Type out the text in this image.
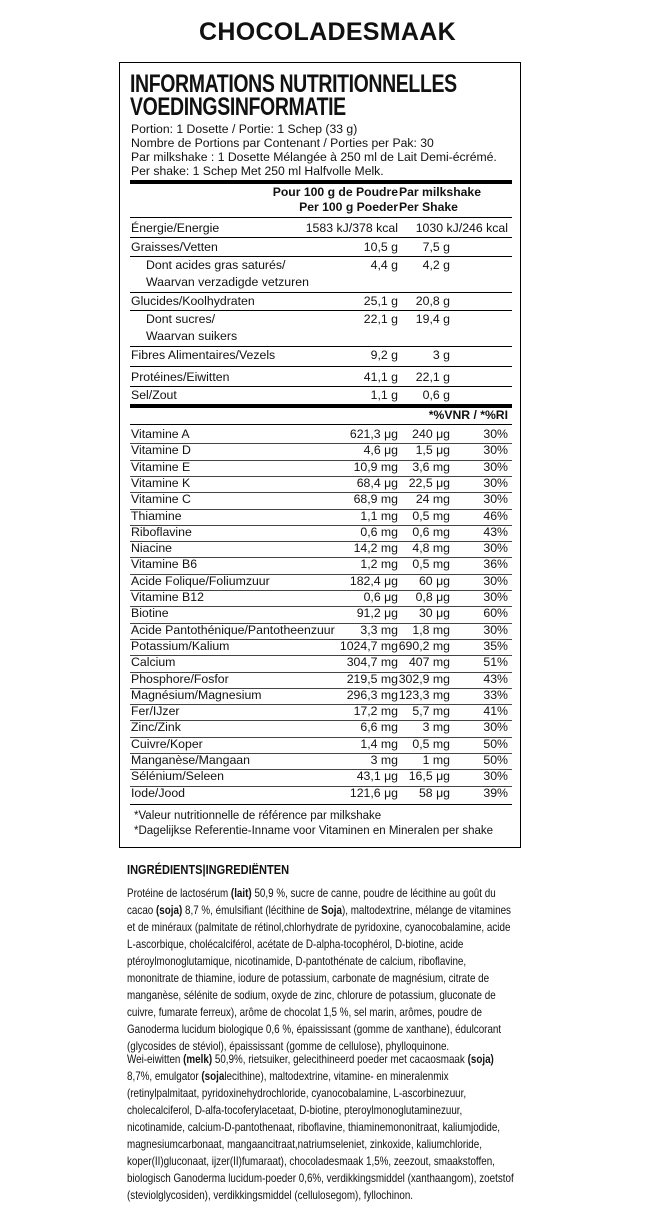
CHOCOLADESMAAK
INFORMATIONS NUTRITIONNELLES
VOEDINGSINFORMATIE
Portion: 1 Dosette / Portie: 1 Schep (33 g)
Nombre de Portions par Contenant / Porties per Pak: 30
Par milkshake : 1 Dosette Mélangée à 250 ml de Lait Demi-écrémé.
Per shake: 1 Schep Met 250 ml Halfvolle Melk.
Pour 100 g de Poudre
Per 100 g Poeder
Par milkshake
Per Shake
*%VNR / *%RI
*Valeur nutritionnelle de référence par milkshake
*Dagelijkse Referentie-Inname voor Vitaminen en Mineralen per shake
Énergie/Energie	1583 kJ/378 kcal 1030 kJ/246 kcal
Graisses/Vetten	10,5 g 7,5 g
Dont acides gras saturés/
Waarvan verzadigde vetzuren
4,4 g 4,2 g
Glucides/Koolhydraten	25,1 g 20,8 g
Dont sucres/
Waarvan suikers
22,1 g 19,4 g
Fibres Alimentaires/Vezels	9,2 g	3 g
Protéines/Eiwitten	41,1 g 22,1 g
Sel/Zout	1,1 g 0,6 g
Vitamine A	621,3 μg 240 μg	30%
Vitamine D	4,6 μg 1,5 μg	30%
Vitamine E	10,9 mg 3,6 mg	30%
Vitamine K	68,4 μg 22,5 μg	30%
Vitamine C	68,9 mg 24 mg	30%
Thiamine	1,1 mg 0,5 mg	46%
Riboflavine	0,6 mg 0,6 mg	43%
Niacine	14,2 mg 4,8 mg	30%
Vitamine B6	1,2 mg 0,5 mg	36%
Acide Folique/Foliumzuur	182,4 μg 60 μg	30%
Vitamine B12	0,6 μg 0,8 μg	30%
Biotine	91,2 μg 30 μg	60%
Acide Pantothénique/Pantotheenzuur 3,3 mg 1,8 mg	30%
Potassium/Kalium	1024,7 mg 690,2 mg	35%
Calcium	304,7 mg 407 mg	51%
Phosphore/Fosfor	219,5 mg 302,9 mg	43%
Magnésium/Magnesium	296,3 mg 123,3 mg	33%
Fer/IJzer	17,2 mg 5,7 mg	41%
Zinc/Zink	6,6 mg 3 mg	30%
Cuivre/Koper	1,4 mg 0,5 mg	50%
Manganèse/Mangaan	3 mg 1 mg	50%
Sélénium/Seleen	43,1 μg 16,5 μg	30%
Iode/Jood	121,6 μg 58 μg	39%
INGRÉDIENTS|INGREDIËNTEN
Protéine de lactosérum (lait) 50,9 %, sucre de canne, poudre de lécithine au goût du
cacao (soja) 8,7 %, émulsifiant (lécithine de Soja), maltodextrine, mélange de vitamines
et de minéraux (palmitate de rétinol,chlorhydrate de pyridoxine, cyanocobalamine, acide
L-ascorbique, cholécalciférol, acétate de D-alpha-tocophérol, D-biotine, acide
ptéroylmonoglutamique, nicotinamide, D-pantothénate de calcium, riboflavine,
mononitrate de thiamine, iodure de potassium, carbonate de magnésium, citrate de
manganèse, sélénite de sodium, oxyde de zinc, chlorure de potassium, gluconate de
cuivre, fumarate ferreux), arôme de chocolat 1,5 %, sel marin, arômes, poudre de
Ganoderma lucidum biologique 0,6 %, épaississant (gomme de xanthane), édulcorant
(glycosides de stéviol), épaississant (gomme de cellulose), phylloquinone.
Wei-eiwitten (melk) 50,9%, rietsuiker, gelecithineerd poeder met cacaosmaak (soja)
8,7%, emulgator (sojalecithine), maltodextrine, vitamine- en mineralenmix
(retinylpalmitaat, pyridoxinehydrochloride, cyanocobalamine, L-ascorbinezuur,
cholecalciferol, D-alfa-tocoferylacetaat, D-biotine, pteroylmonoglutaminezuur,
nicotinamide, calcium-D-pantothenaat, riboflavine, thiaminemononitraat, kaliumjodide,
magnesiumcarbonaat, mangaancitraat,natriumseleniet, zinkoxide, kaliumchloride,
koper(II)gluconaat, ijzer(II)fumaraat), chocoladesmaak 1,5%, zeezout, smaakstoffen,
biologisch Ganoderma lucidum-poeder 0,6%, verdikkingsmiddel (xanthaangom), zoetstof
(steviolglycosiden), verdikkingsmiddel (cellulosegom), fyllochinon.
